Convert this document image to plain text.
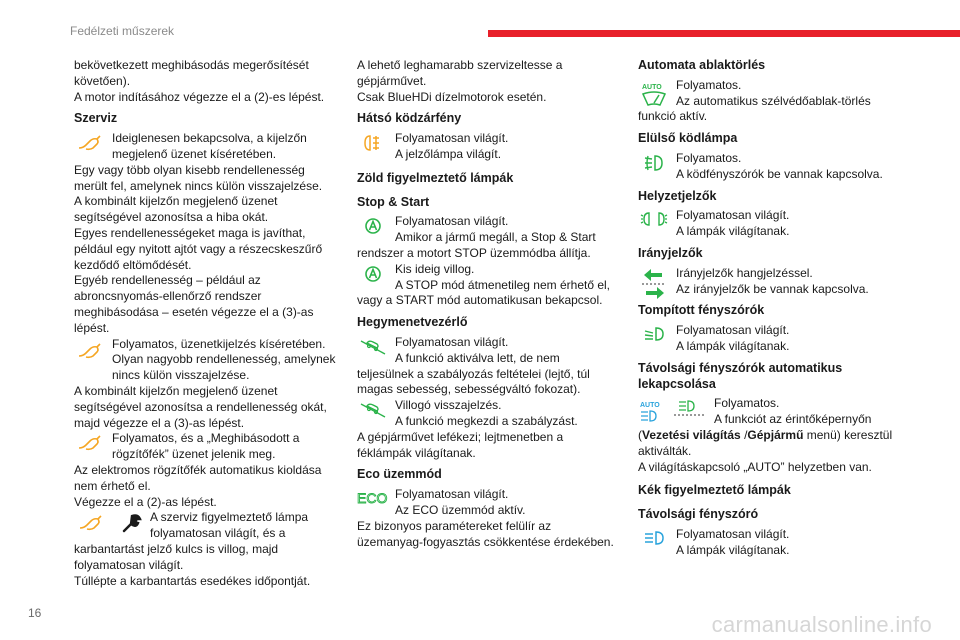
Fedélzeti műszerek

bekövetkezett meghibásodás megerősítését követően).

A motor indításához végezze el a (2)-es lépést.

Szerviz

Ideiglenesen bekapcsolva, a kijelzőn megjelenő üzenet kíséretében.

Egy vagy több olyan kisebb rendellenesség merült fel, amelynek nincs külön visszajelzése.

A kombinált kijelzőn megjelenő üzenet segítségével azonosítsa a hiba okát.

Egyes rendellenességeket maga is javíthat, például egy nyitott ajtót vagy a részecskeszűrő kezdődő eltömődését.

Egyéb rendellenesség – például az abroncsnyomás-ellenőrző rendszer meghibásodása – esetén végezze el a (3)-as lépést.

Folyamatos, üzenetkijelzés kíséretében.

Olyan nagyobb rendellenesség, amelynek nincs külön visszajelzése.

A kombinált kijelzőn megjelenő üzenet segítségével azonosítsa a rendellenesség okát, majd végezze el a (3)-as lépést.

Folyamatos, és a „Meghibásodott a rögzítőfék” üzenet jelenik meg.

Az elektromos rögzítőfék automatikus kioldása nem érhető el.

Végezze el a (2)-as lépést.

A szerviz figyelmeztető lámpa folyamatosan világít, és a karbantartást jelző kulcs is villog, majd folyamatosan világít.

Túllépte a karbantartás esedékes időpontját.

A lehető leghamarabb szervizeltesse a gépjárművet.

Csak BlueHDi dízelmotorok esetén.

Hátsó ködzárfény

Folyamatosan világít.

A jelzőlámpa világít.

Zöld figyelmeztető lámpák
Stop & Start

Folyamatosan világít.

Amikor a jármű megáll, a Stop & Start rendszer a motort STOP üzemmódba állítja.

Kis ideig villog.

A STOP mód átmenetileg nem érhető el, vagy a START mód automatikusan bekapcsol.

Hegymenetvezérlő

Folyamatosan világít.

A funkció aktiválva lett, de nem teljesülnek a szabályozás feltételei (lejtő, túl magas sebesség, sebességváltó fokozat).

Villogó visszajelzés.

A funkció megkezdi a szabályzást.

A gépjárművet lefékezi; lejtmenetben a féklámpák világítanak.

Eco üzemmód
ECO Folyamatosan világít.

Az ECO üzemmód aktív.

Ez bizonyos paramétereket felülír az üzemanyag-fogyasztás csökkentése érdekében.

Automata ablaktörlés
AUTO	Folyamatos.

Az automatikus szélvédőablak-törlés funkció aktív.

Elülső ködlámpa

Folyamatos.

A ködfényszórók be vannak kapcsolva.

Helyzetjelzők

Folyamatosan világít.

A lámpák világítanak.

Irányjelzők

Irányjelzők hangjelzéssel.

Az irányjelzők be vannak kapcsolva.

Tompított fényszórók

Folyamatosan világít.

A lámpák világítanak.

Távolsági fényszórók automatikus lekapcsolása
AUTO	Folyamatos.

A funkciót az érintőképernyőn

(Vezetési világítás /Gépjármű menü) keresztül aktiválták.

A világításkapcsoló „AUTO” helyzetben van.

Kék figyelmeztető lámpák
Távolsági fényszóró

Folyamatosan világít.

A lámpák világítanak.

16	carmanualsonline.info
